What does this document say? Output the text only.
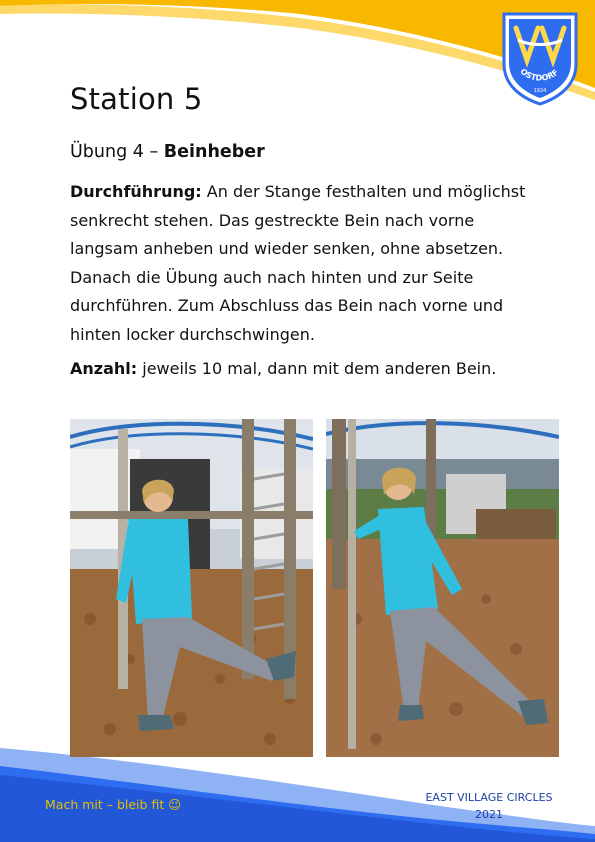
OSTDORF
1924
Station 5

Übung 4 – Beinheber

Durchführung: An der Stange festhalten und möglichst senkrecht stehen. Das gestreckte Bein nach vorne langsam anheben und wieder senken, ohne absetzen. Danach die Übung auch nach hinten und zur Seite durchführen. Zum Abschluss das Bein nach vorne und hinten locker durchschwingen.

Anzahl: jeweils 10 mal, dann mit dem anderen Bein.

Mach mit – bleib fit 😉	EAST VILLAGE CIRCLES
2021
